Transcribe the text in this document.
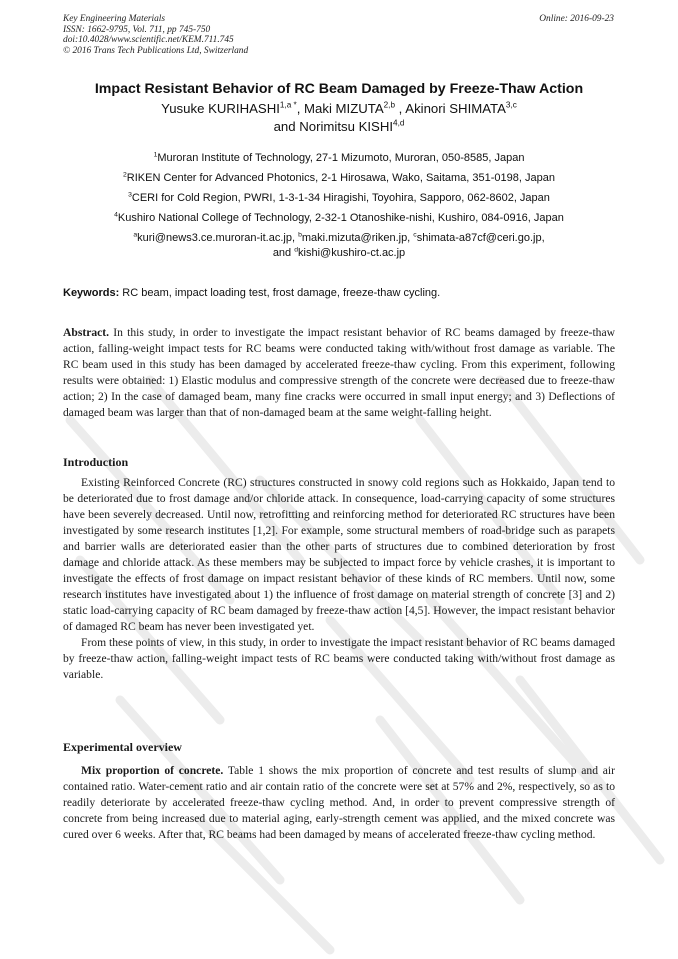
Key Engineering Materials
ISSN: 1662-9795, Vol. 711, pp 745-750
doi:10.4028/www.scientific.net/KEM.711.745
© 2016 Trans Tech Publications Ltd, Switzerland
Online: 2016-09-23
Impact Resistant Behavior of RC Beam Damaged by Freeze-Thaw Action
Yusuke $KURIHASHI^{1,a *}$, Maki MIZUTA$^{2,b}$ , Akinori SHIMATA$^{3,c}$
and Norimitsu KISHI$^{4,d}$
$^1$Muroran Institute of Technology, 27-1 Mizumoto, Muroran, 050-8585, Japan
$^2$RIKEN Center for Advanced Photonics, 2-1 Hirosawa, Wako, Saitama, 351-0198, Japan
$^3$CERI for Cold Region, PWRI, 1-3-1-34 Hiragishi, Toyohira, Sapporo, 062-8602, Japan
$^4$Kushiro National College of Technology, 2-32-1 Otanoshike-nishi, Kushiro, 084-0916, Japan
$^a$kuri@news3.ce.muroran-it.ac.jp, $^b$maki.mizuta@riken.jp, $^c$shimata-a87cf@ceri.go.jp,
and $^d$kishi@kushiro-ct.ac.jp
Keywords: RC beam, impact loading test, frost damage, freeze-thaw cycling.

Abstract. In this study, in order to investigate the impact resistant behavior of RC beams damaged by freeze-thaw action, falling-weight impact tests for RC beams were conducted taking with/without frost damage as variable. The RC beam used in this study has been damaged by accelerated freeze-thaw cycling. From this experiment, following results were obtained: 1) Elastic modulus and compressive strength of the concrete were decreased due to freeze-thaw action; 2) In the case of damaged beam, many fine cracks were occurred in small input energy; and 3) Deflections of damaged beam was larger than that of non-damaged beam at the same weight-falling height.

Introduction

Existing Reinforced Concrete (RC) structures constructed in snowy cold regions such as Hokkaido, Japan tend to be deteriorated due to frost damage and/or chloride attack. In consequence, load-carrying capacity of some structures have been severely decreased. Until now, retrofitting and reinforcing method for deteriorated RC structures have been investigated by some research institutes [1,2]. For example, some structural members of road-bridge such as parapets and barrier walls are deteriorated easier than the other parts of structures due to combined deterioration by frost damage and chloride attack. As these members may be subjected to impact force by vehicle crashes, it is important to investigate the effects of frost damage on impact resistant behavior of these kinds of RC members. Until now, some research institutes have investigated about 1) the influence of frost damage on material strength of concrete [3] and 2) static load-carrying capacity of RC beam damaged by freeze-thaw action [4,5]. However, the impact resistant behavior of damaged RC beam has never been investigated yet.

From these points of view, in this study, in order to investigate the impact resistant behavior of RC beams damaged by freeze-thaw action, falling-weight impact tests of RC beams were conducted taking with/without frost damage as variable.

Experimental overview

Mix proportion of concrete. Table 1 shows the mix proportion of concrete and test results of slump and air contained ratio. Water-cement ratio and air contain ratio of the concrete were set at 57% and 2%, respectively, so as to readily deteriorate by accelerated freeze-thaw cycling method. And, in order to prevent compressive strength of concrete from being increased due to material aging, early-strength cement was applied, and the mixed concrete was cured over 6 weeks. After that, RC beams had been damaged by means of accelerated freeze-thaw cycling method.
